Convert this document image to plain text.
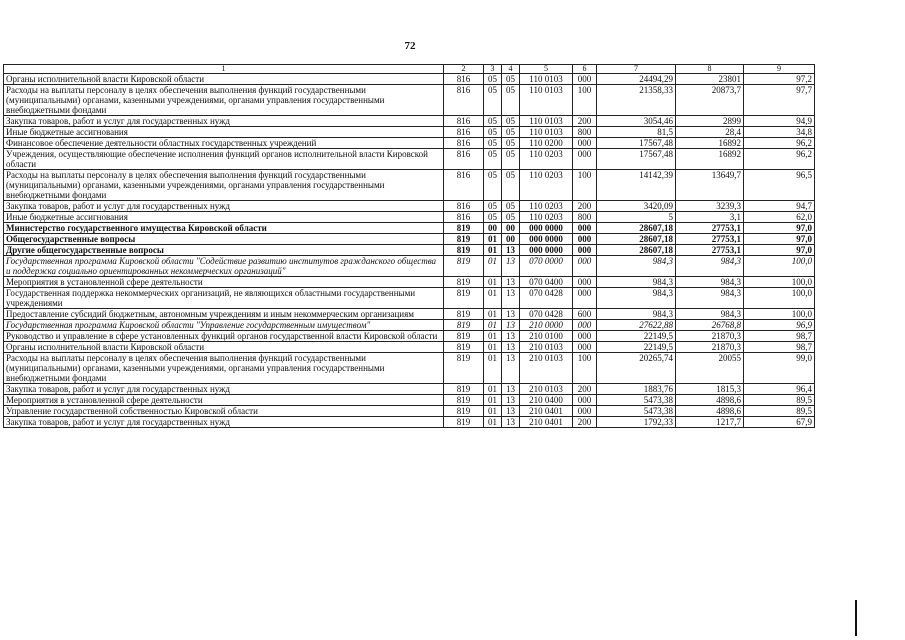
72
1	2	3	4	5	6	7	8	9
Органы исполнительной власти Кировской области	816	05	05	110 0103	000	24494,29	23801	97,2
Расходы на выплаты персоналу в целях обеспечения выполнения функций государственными (муниципальными) органами, казенными учреждениями, органами управления государственными внебюджетными фондами	816	05	05	110 0103	100	21358,33	20873,7	97,7
Закупка товаров, работ и услуг для государственных нужд	816	05	05	110 0103	200	3054,46	2899	94,9
Иные бюджетные ассигнования	816	05	05	110 0103	800	81,5	28,4	34,8
Финансовое обеспечение деятельности областных государственных учреждений	816	05	05	110 0200	000	17567,48	16892	96,2
Учреждения, осуществляющие обеспечение исполнения функций органов исполнительной власти Кировской области	816	05	05	110 0203	000	17567,48	16892	96,2
Расходы на выплаты персоналу в целях обеспечения выполнения функций государственными (муниципальными) органами, казенными учреждениями, органами управления государственными внебюджетными фондами	816	05	05	110 0203	100	14142,39	13649,7	96,5
Закупка товаров, работ и услуг для государственных нужд	816	05	05	110 0203	200	3420,09	3239,3	94,7
Иные бюджетные ассигнования	816	05	05	110 0203	800	5	3,1	62,0
Министерство государственного имущества Кировской области	819	00	00	000 0000	000	28607,18	27753,1	97,0
Общегосударственные вопросы	819	01	00	000 0000	000	28607,18	27753,1	97,0
Другие общегосударственные вопросы	819	01	13	000 0000	000	28607,18	27753,1	97,0
Государственная программа Кировской области "Содействие развитию институтов гражданского общества и поддержка социально ориентированных некоммерческих организаций"	819	01	13	070 0000	000	984,3	984,3	100,0
Мероприятия в установленной сфере деятельности	819	01	13	070 0400	000	984,3	984,3	100,0
Государственная поддержка некоммерческих организаций, не являющихся областными государственными учреждениями	819	01	13	070 0428	000	984,3	984,3	100,0
Предоставление субсидий бюджетным, автономным учреждениям и иным некоммерческим организациям	819	01	13	070 0428	600	984,3	984,3	100,0
Государственная программа Кировской области "Управление государственным имуществом"	819	01	13	210 0000	000	27622,88	26768,8	96,9
Руководство и управление в сфере установленных функций органов государственной власти Кировской области	819	01	13	210 0100	000	22149,5	21870,3	98,7
Органы исполнительной власти Кировской области	819	01	13	210 0103	000	22149,5	21870,3	98,7
Расходы на выплаты персоналу в целях обеспечения выполнения функций государственными (муниципальными) органами, казенными учреждениями, органами управления государственными внебюджетными фондами	819	01	13	210 0103	100	20265,74	20055	99,0
Закупка товаров, работ и услуг для государственных нужд	819	01	13	210 0103	200	1883,76	1815,3	96,4
Мероприятия в установленной сфере деятельности	819	01	13	210 0400	000	5473,38	4898,6	89,5
Управление государственной собственностью Кировской области	819	01	13	210 0401	000	5473,38	4898,6	89,5
Закупка товаров, работ и услуг для государственных нужд	819	01	13	210 0401	200	1792,33	1217,7	67,9
